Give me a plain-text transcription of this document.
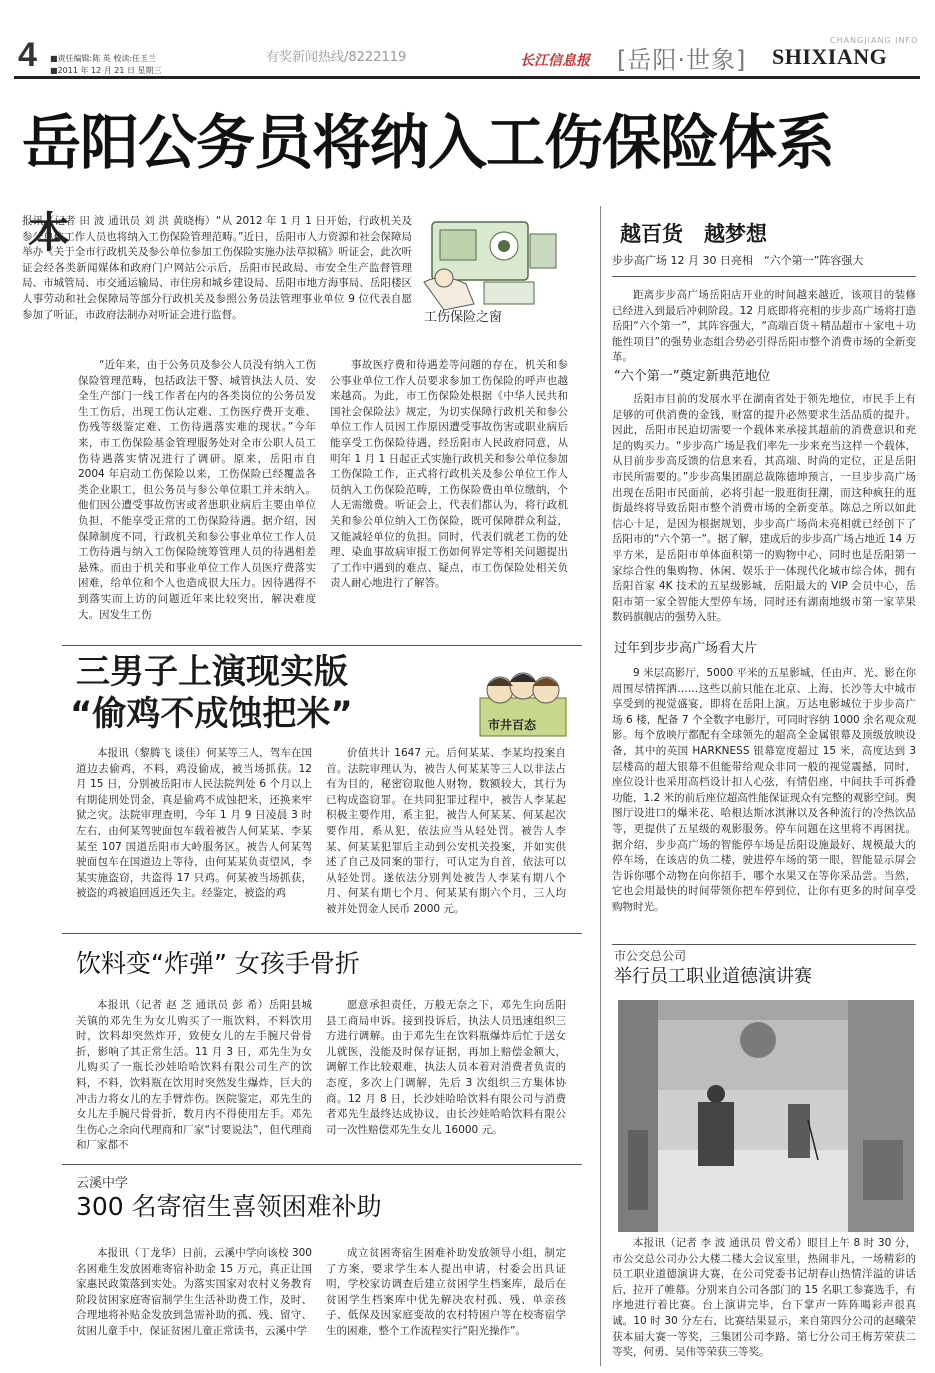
4 ■责任编辑:陈 英 校读:任玉兰
■2011 年 12 月 21 日 星期三
有奖新闻热线/8222119	长江信息报 [岳阳·世象]
CHANGJIANG INFO
SHIXIANG
岳阳公务员将纳入工伤保险体系
本
报讯（记者 田 波 通讯员 刘 洪 黄晓梅）“从 2012 年 1 月 1 日开始，行政机关及参公单位工作人员也将纳入工伤保险管理范畴。”近日，岳阳市人力资源和社会保障局举办《关于全市行政机关及参公单位参加工伤保险实施办法草拟稿》听证会，此次听证会经各类新闻媒体和政府门户网站公示后，岳阳市民政局、市安全生产监督管理局、市城管局、市交通运输局、市住房和城乡建设局、岳阳市地方海事局、岳阳楼区人事劳动和社会保障局等部分行政机关及参照公务员法管理事业单位 9 位代表自愿参加了听证，市政府法制办对听证会进行监督。	工伤保险之窗
“近年来，由于公务员及参公人员没有纳入工伤保险管理范畴，包括政法干警、城管执法人员、安全生产部门一线工作者在内的各类岗位的公务员发生工伤后，出现工伤认定难、工伤医疗费开支难、伤残等级鉴定难、工伤待遇落实难的现状。”今年来，市工伤保险基金管理服务处对全市公职人员工伤待遇落实情况进行了调研。原来，岳阳市自 2004 年启动工伤保险以来，工伤保险已经覆盖各类企业职工，但公务员与参公单位职工并未纳入。他们因公遭受事故伤害或者患职业病后主要由单位负担，不能享受正常的工伤保险待遇。据介绍，因保障制度不同，行政机关和参公事业单位工作人员工伤待遇与纳入工伤保险统筹管理人员的待遇相差悬殊。而由于机关和事业单位工作人员医疗费落实困难，给单位和个人也造成很大压力。因待遇得不到落实而上访的问题近年来比较突出，解决难度大。因发生工伤
事故医疗费和待遇差等问题的存在，机关和参公事业单位工作人员要求参加工伤保险的呼声也越来越高。为此，市工伤保险处根据《中华人民共和国社会保险法》规定，为切实保障行政机关和参公单位工作人员因工作原因遭受事故伤害或职业病后能享受工伤保险待遇，经岳阳市人民政府同意，从明年 1 月 1 日起正式实施行政机关和参公单位参加工伤保险工作，正式将行政机关及参公单位工作人员纳入工伤保险范畴，工伤保险费由单位缴纳，个人无需缴费。听证会上，代表们都认为，将行政机关和参公单位纳入工伤保险，既可保障群众利益，又能减轻单位的负担。同时，代表们就老工伤的处理、染血事故病审报工伤如何界定等相关问题提出了工作中遇到的难点、疑点，市工伤保险处相关负责人耐心地进行了解答。
三男子上演现实版
“偷鸡不成蚀把米”	市井百态
本报讯（黎腾飞 谈佳）何某等三人，驾车在国道边去偷鸡，不料，鸡没偷成，被当场抓获。12 月 15 日，分别被岳阳市人民法院判处 6 个月以上有期徒刑处罚金，真是偷鸡不成蚀把米，还换来牢狱之灾。法院审理查明，今年 1 月 9 日凌晨 3 时左右，由何某驾驶面包车载着被告人何某某、李某某至 107 国道岳阳市大岭服务区。被告人何某驾驶面包车在国道边上等待，由何某某负责望风，李某实施盗窃，共盗得 17 只鸡。何某被当场抓获，被盗的鸡被追回返还失主。经鉴定，被盗的鸡
价值共计 1647 元。后何某某、李某均投案自首。法院审理认为，被告人何某某等三人以非法占有为目的，秘密窃取他人财物，数额较大，其行为已构成盗窃罪。在共同犯罪过程中，被告人李某起积极主要作用，系主犯，被告人何某某、何某起次要作用，系从犯，依法应当从轻处罚。被告人李某、何某某犯罪后主动到公安机关投案，并如实供述了自己及同案的罪行，可认定为自首，依法可以从轻处罚。遂依法分别判处被告人李某有期八个月、何某有期七个月、何某某有期六个月，三人均被并处罚金人民币 2000 元。
饮料变“炸弹” 女孩手骨折
本报讯（记者 赵 芝 通讯员 彭 希）岳阳县城关镇的邓先生为女儿购买了一瓶饮料，不料饮用时，饮料却突然炸开，致使女儿的左手腕尺骨骨折，影响了其正常生活。11 月 3 日，邓先生为女儿购买了一瓶长沙娃哈哈饮料有限公司生产的饮料，不料，饮料瓶在饮用时突然发生爆炸，巨大的冲击力将女儿的左手臂炸伤。医院鉴定，邓先生的女儿左手腕尺骨骨折，数月内不得使用左手。邓先生伤心之余向代理商和厂家“讨要说法”，但代理商和厂家都不
愿意承担责任，万般无奈之下，邓先生向岳阳县工商局申诉。接到投诉后，执法人员迅速组织三方进行调解。由于邓先生在饮料瓶爆炸后忙于送女儿就医，没能及时保存证据，再加上赔偿金额大，调解工作比较艰难，执法人员本着对消费者负责的态度，多次上门调解，先后 3 次组织三方集体协商。12 月 8 日，长沙娃哈哈饮料有限公司与消费者邓先生最终达成协议，由长沙娃哈哈饮料有限公司一次性赔偿邓先生女儿 16000 元。
云溪中学
300 名寄宿生喜领困难补助
本报讯（丁龙华）日前，云溪中学向该校 300 名困难生发放困难寄宿补助金 15 万元，真正让国家惠民政策落到实处。为落实国家对农村义务教育阶段贫困家庭寄宿制学生生活补助费工作，及时、合理地将补贴金发放到急需补助的孤、残、留守、贫困儿童手中，保证贫困儿童正常读书，云溪中学
成立贫困寄宿生困难补助发放领导小组，制定了方案，要求学生本人提出申请，村委会出具证明，学校家访调查后建立贫困学生档案库，最后在贫困学生档案库中优先解决农村孤、残、单亲孩子、低保及因家庭变故的农村特困户等在校寄宿学生的困难，整个工作流程实行“阳光操作”。
越百货　越梦想
步步高广场 12 月 30 日亮相　“六个第一”阵容强大
距离步步高广场岳阳店开业的时间越来越近，该项目的装修已经进入到最后冲刺阶段。12 月底即将亮相的步步高广场将打造岳阳“六个第一”，其阵容强大，“高端百货＋精品超市＋家电＋功能性项目”的强势业态组合势必引得岳阳市整个消费市场的全新变革。
“六个第一”奠定新典范地位
岳阳市目前的发展水平在湖南省处于领先地位，市民手上有足够的可供消费的金钱，财富的提升必然要求生活品质的提升。因此，岳阳市民迫切需要一个载体来承接其超前的消费意识和充足的购买力。“步步高广场是我们率先一步来充当这样一个载体，从目前步步高反馈的信息来看，其高端、时尚的定位，正是岳阳市民所需要的。”步步高集团副总裁陈德坤预言，一旦步步高广场出现在岳阳市民面前，必将引起一股逛街狂潮，而这种疯狂的逛街最终将导致岳阳市整个消费市场的全新变革。陈总之所以如此信心十足，是因为根据规划，步步高广场尚未亮相就已经创下了岳阳市的“六个第一”。据了解，建成后的步步高广场占地近 14 万平方米，是岳阳市单体面积第一的购物中心，同时也是岳阳第一家综合性的集购物、休闲、娱乐于一体现代化城市综合体，拥有岳阳首家 4K 技术的五星级影城，岳阳最大的 VIP 会员中心，岳阳市第一家全智能大型停车场，同时还有湖南地级市第一家苹果数码旗舰店的强势入驻。
过年到步步高广场看大片
9 米层高影厅，5000 平米的五星影城，任由声、光、影在你周围尽情挥洒……这些以前只能在北京、上海、长沙等大中城市享受到的视觉盛宴，即将在岳阳上演。万达电影城位于步步高广场 6 楼，配备 7 个全数字电影厅，可同时容纳 1000 余名观众观影。每个放映厅都配有全球领先的超高全金属银幕及顶级放映设备，其中的英国 HARKNESS 银幕宽度超过 15 米，高度达到 3 层楼高的超大银幕不但能带给观众非同一般的视觉震撼，同时，座位设计也采用高档设计扣人心弦，有情侣座，中间扶手可拆叠功能，1.2 米的前后座位超高性能保证现众有完整的观影空间。舆图厅设进口的爆米花、哈根达斯冰淇淋以及各种流行的冷热饮品等，更提供了五星级的观影服务。停车问题在这里将不再困扰。据介绍，步步高广场的智能停车场是岳阳设施最好、规模最大的停车场，在该店的负二楼，驶进停车场的第一眼，智能显示屏会告诉你哪个动物在向你招手，哪个水果又在等你采品尝。当然，它也会用最快的时间带领你把车停到位，让你有更多的时间享受购物时光。
市公交总公司
举行员工职业道德演讲赛
本报讯（记者 李 波 通讯员 曾文希）眼目上午 8 时 30 分，市公交总公司办公大楼二楼大会议室里，热闹非凡，一场精彩的员工职业道德演讲大赛，在公司党委书记胡春山热情洋溢的讲话后，拉开了帷幕。分别来自公司各部门的 15 名职工参赛选手，有序地进行着比赛。台上演讲完毕，台下掌声一阵阵喝彩声很真诚。10 时 30 分左右，比赛结果显示，来自第四分公司的赵曦荣获本届大赛一等奖，三集团公司李路、第七分公司王梅芳荣获二等奖，何勇、吴伟等荣获三等奖。
